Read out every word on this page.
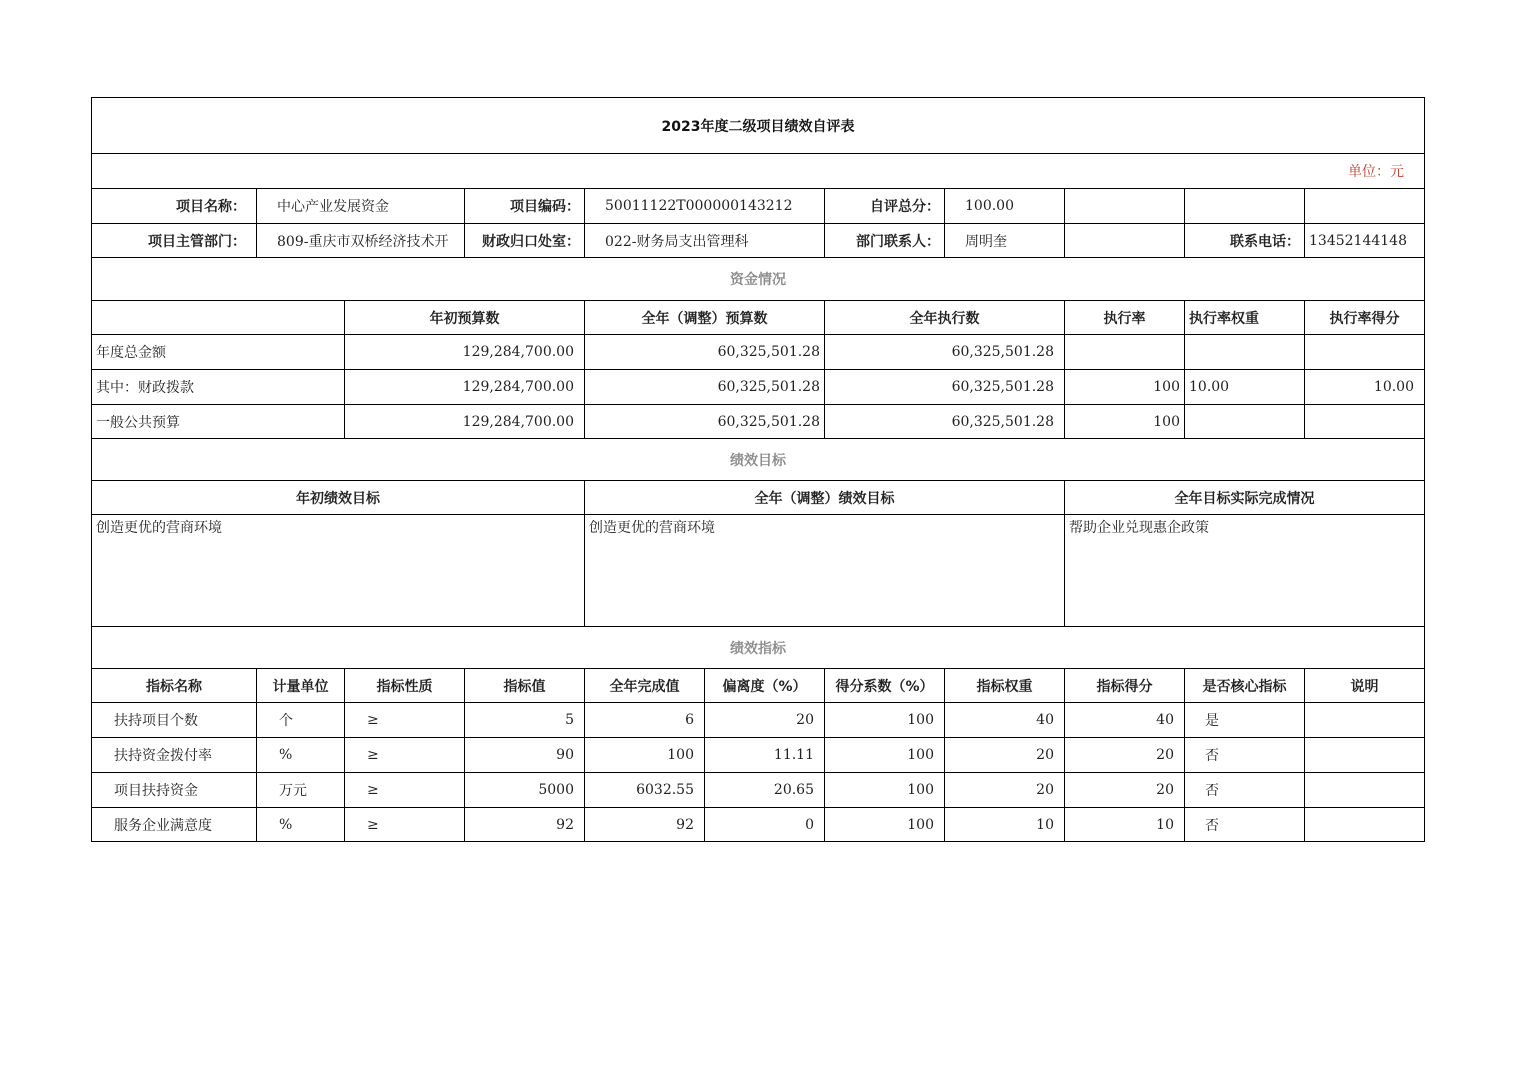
2023年度二级项目绩效自评表										
单位：元										
项目名称：	中心产业发展资金		项目编码：	50011122T000000143212		自评总分：	100.00			
项目主管部门：	809-重庆市双桥经济技术开		财政归口处室：	022-财务局支出管理科		部门联系人：	周明奎		联系电话：	13452144148
资金情况										
		年初预算数		全年（调整）预算数		全年执行数		执行率	执行率权重	执行率得分
年度总金额		129,284,700.00		60,325,501.28		60,325,501.28				
其中：财政拨款		129,284,700.00		60,325,501.28		60,325,501.28		100	10.00	10.00
一般公共预算		129,284,700.00		60,325,501.28		60,325,501.28		100		
绩效目标										
年初绩效目标				全年（调整）绩效目标				全年目标实际完成情况		
创造更优的营商环境				创造更优的营商环境				帮助企业兑现惠企政策		
绩效指标										
指标名称	计量单位	指标性质	指标值	全年完成值	偏离度（%）	得分系数（%）	指标权重	指标得分	是否核心指标	说明
扶持项目个数	个	≥	5	6	20	100	40	40	是	
扶持资金拨付率	%	≥	90	100	11.11	100	20	20	否	
项目扶持资金	万元	≥	5000	6032.55	20.65	100	20	20	否	
服务企业满意度	%	≥	92	92	0	100	10	10	否	
